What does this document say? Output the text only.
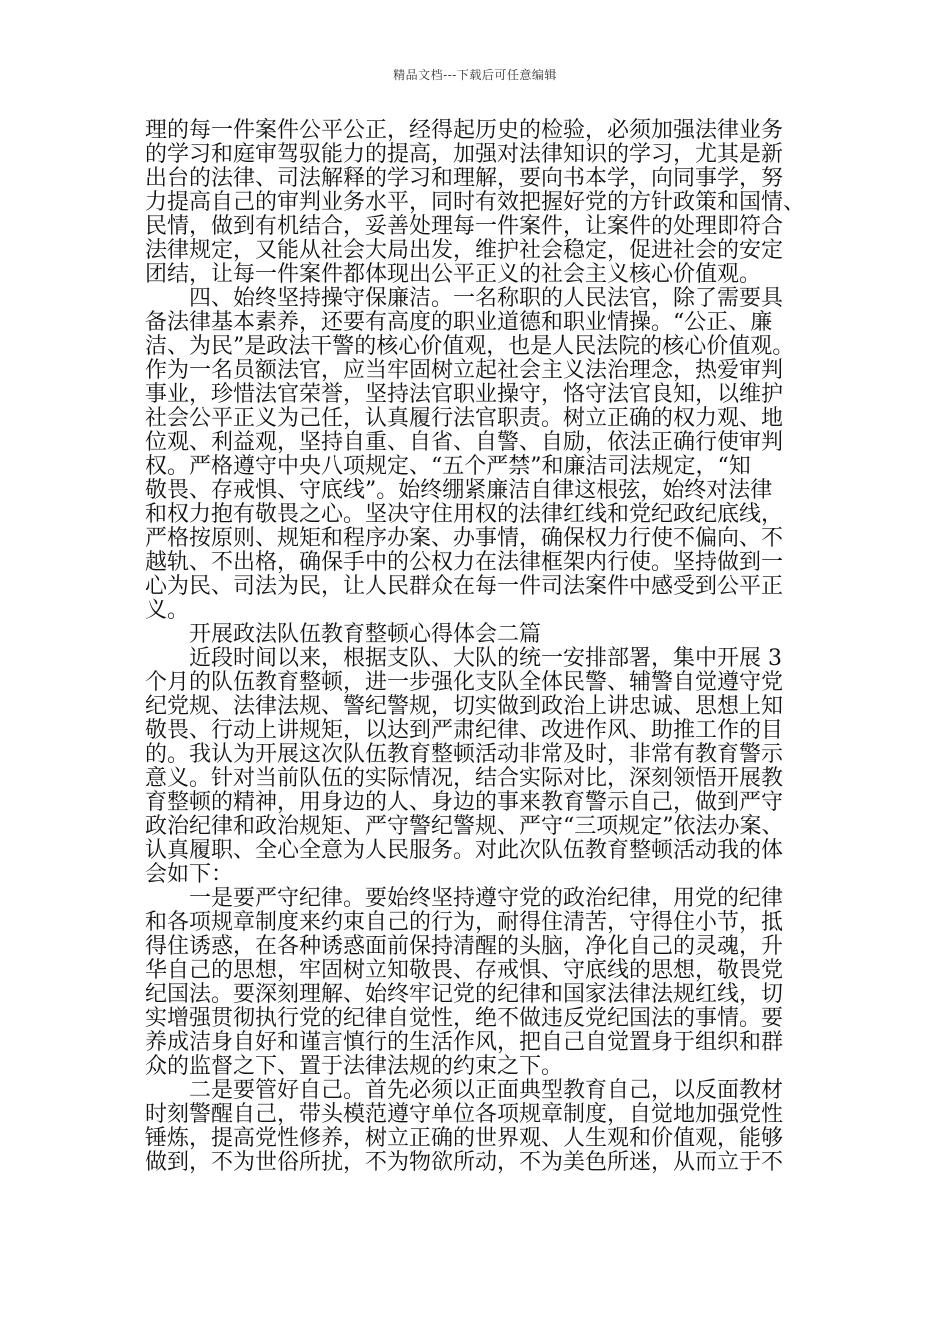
精品文档---下载后可任意编辑
理的每一件案件公平公正，经得起历史的检验，必须加强法律业务
的学习和庭审驾驭能力的提高，加强对法律知识的学习，尤其是新
出台的法律、司法解释的学习和理解，要向书本学，向同事学，努
力提高自己的审判业务水平，同时有效把握好党的方针政策和国情、
民情，做到有机结合，妥善处理每一件案件，让案件的处理即符合
法律规定，又能从社会大局出发，维护社会稳定，促进社会的安定
团结，让每一件案件都体现出公平正义的社会主义核心价值观。
　　四、始终坚持操守保廉洁。一名称职的人民法官，除了需要具
备法律基本素养，还要有高度的职业道德和职业情操。“公正、廉
洁、为民”是政法干警的核心价值观，也是人民法院的核心价值观。
作为一名员额法官，应当牢固树立起社会主义法治理念，热爱审判
事业，珍惜法官荣誉，坚持法官职业操守，恪守法官良知，以维护
社会公平正义为己任，认真履行法官职责。树立正确的权力观、地
位观、利益观，坚持自重、自省、自警、自励，依法正确行使审判
权。严格遵守中央八项规定、“五个严禁”和廉洁司法规定，“知
敬畏、存戒惧、守底线”。始终绷紧廉洁自律这根弦，始终对法律
和权力抱有敬畏之心。坚决守住用权的法律红线和党纪政纪底线，
严格按原则、规矩和程序办案、办事情，确保权力行使不偏向、不
越轨、不出格，确保手中的公权力在法律框架内行使。坚持做到一
心为民、司法为民，让人民群众在每一件司法案件中感受到公平正
义。
　　开展政法队伍教育整顿心得体会二篇
　　近段时间以来，根据支队、大队的统一安排部署，集中开展 3
个月的队伍教育整顿，进一步强化支队全体民警、辅警自觉遵守党
纪党规、法律法规、警纪警规，切实做到政治上讲忠诚、思想上知
敬畏、行动上讲规矩，以达到严肃纪律、改进作风、助推工作的目
的。我认为开展这次队伍教育整顿活动非常及时，非常有教育警示
意义。针对当前队伍的实际情况，结合实际对比，深刻领悟开展教
育整顿的精神，用身边的人、身边的事来教育警示自己，做到严守
政治纪律和政治规矩、严守警纪警规、严守“三项规定”依法办案、
认真履职、全心全意为人民服务。对此次队伍教育整顿活动我的体
会如下：
　　一是要严守纪律。要始终坚持遵守党的政治纪律，用党的纪律
和各项规章制度来约束自己的行为，耐得住清苦，守得住小节，抵
得住诱惑，在各种诱惑面前保持清醒的头脑，净化自己的灵魂，升
华自己的思想，牢固树立知敬畏、存戒惧、守底线的思想，敬畏党
纪国法。要深刻理解、始终牢记党的纪律和国家法律法规红线，切
实增强贯彻执行党的纪律自觉性，绝不做违反党纪国法的事情。要
养成洁身自好和谨言慎行的生活作风，把自己自觉置身于组织和群
众的监督之下、置于法律法规的约束之下。
　　二是要管好自己。首先必须以正面典型教育自己，以反面教材
时刻警醒自己，带头模范遵守单位各项规章制度，自觉地加强党性
锤炼，提高党性修养，树立正确的世界观、人生观和价值观，能够
做到，不为世俗所扰，不为物欲所动，不为美色所迷，从而立于不
